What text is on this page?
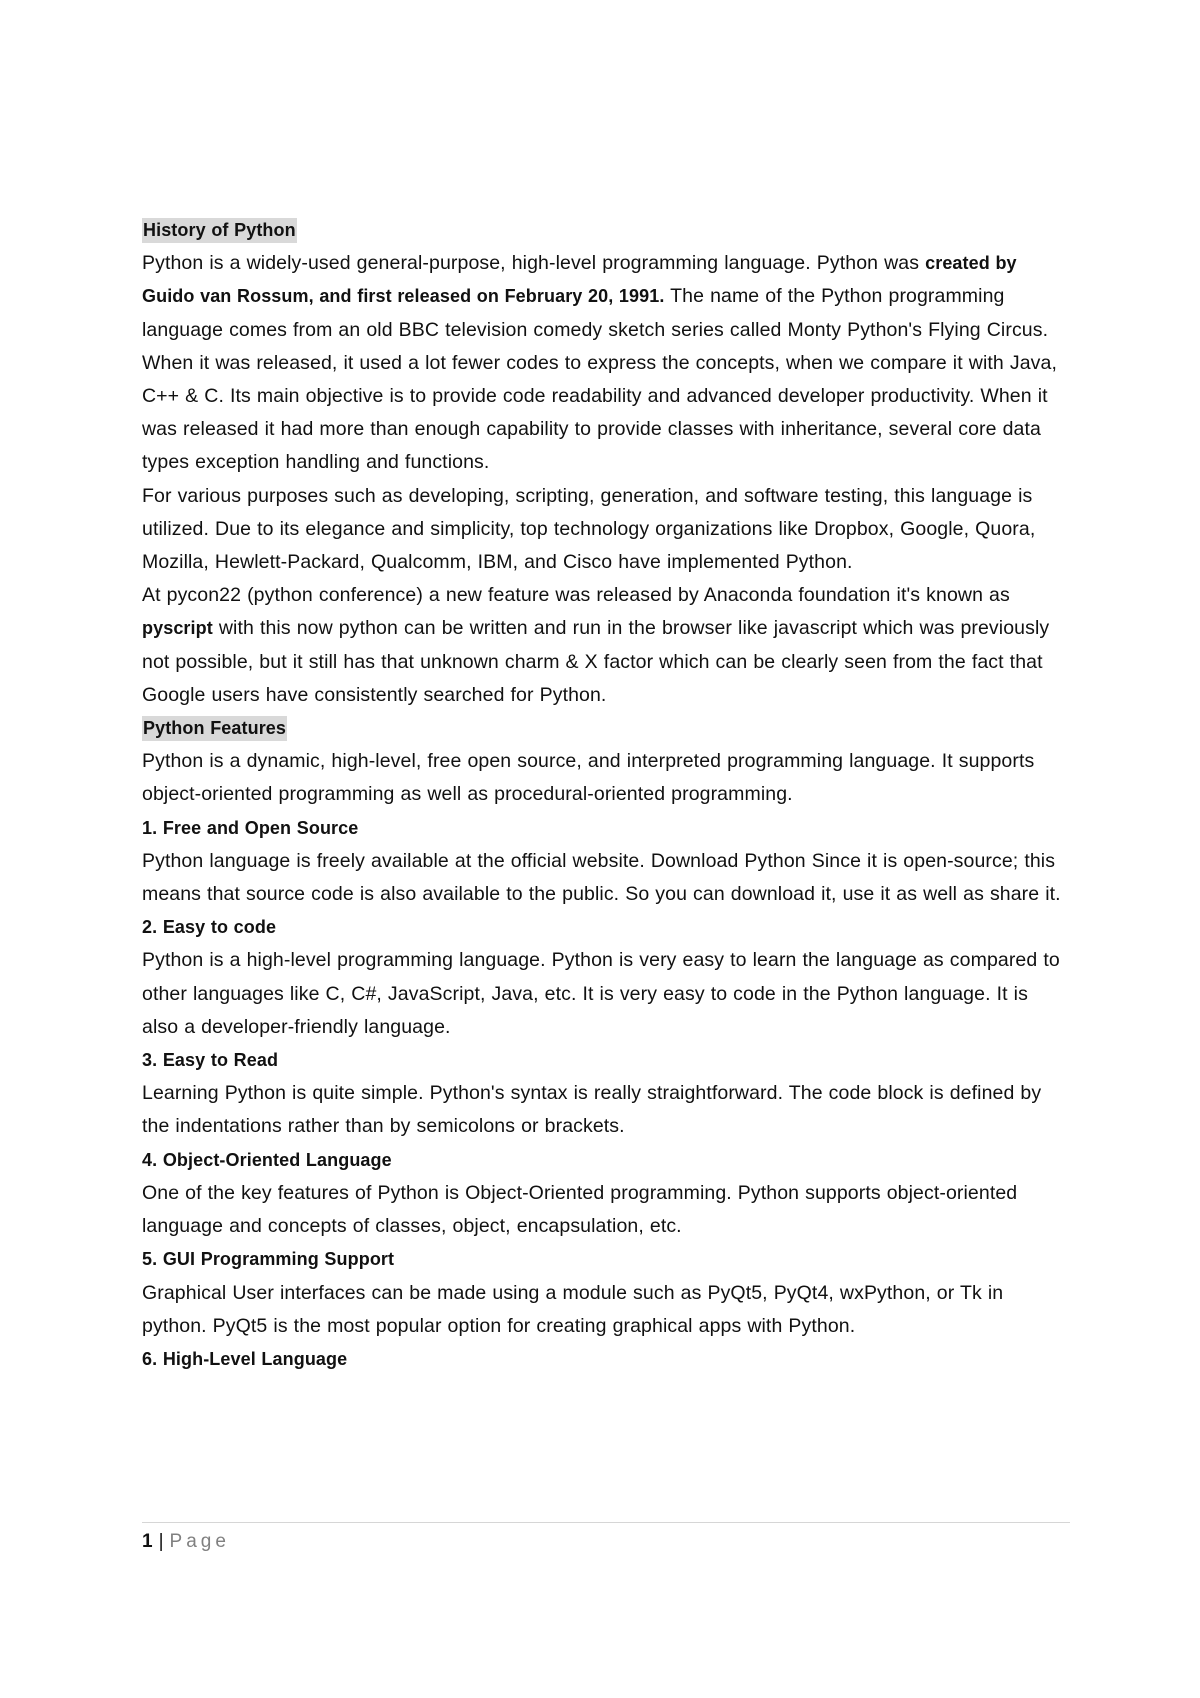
History of Python

Python is a widely-used general-purpose, high-level programming language. Python was created by Guido van Rossum, and first released on February 20, 1991. The name of the Python programming language comes from an old BBC television comedy sketch series called Monty Python's Flying Circus. When it was released, it used a lot fewer codes to express the concepts, when we compare it with Java, C++ & C. Its main objective is to provide code readability and advanced developer productivity. When it was released it had more than enough capability to provide classes with inheritance, several core data types exception handling and functions.

For various purposes such as developing, scripting, generation, and software testing, this language is utilized. Due to its elegance and simplicity, top technology organizations like Dropbox, Google, Quora, Mozilla, Hewlett-Packard, Qualcomm, IBM, and Cisco have implemented Python.

At pycon22 (python conference) a new feature was released by Anaconda foundation it's known as pyscript with this now python can be written and run in the browser like javascript which was previously not possible, but it still has that unknown charm & X factor which can be clearly seen from the fact that Google users have consistently searched for Python.

Python Features

Python is a dynamic, high-level, free open source, and interpreted programming language. It supports object-oriented programming as well as procedural-oriented programming.

1. Free and Open Source

Python language is freely available at the official website. Download Python Since it is open-source; this means that source code is also available to the public. So you can download it, use it as well as share it.

2. Easy to code

Python is a high-level programming language. Python is very easy to learn the language as compared to other languages like C, C#, JavaScript, Java, etc. It is very easy to code in the Python language. It is also a developer-friendly language.

3. Easy to Read

Learning Python is quite simple. Python's syntax is really straightforward. The code block is defined by the indentations rather than by semicolons or brackets.

4. Object-Oriented Language

One of the key features of Python is Object-Oriented programming. Python supports object-oriented language and concepts of classes, object, encapsulation, etc.

5. GUI Programming Support

Graphical User interfaces can be made using a module such as PyQt5, PyQt4, wxPython, or Tk in python. PyQt5 is the most popular option for creating graphical apps with Python.

6. High-Level Language

1 | Page
